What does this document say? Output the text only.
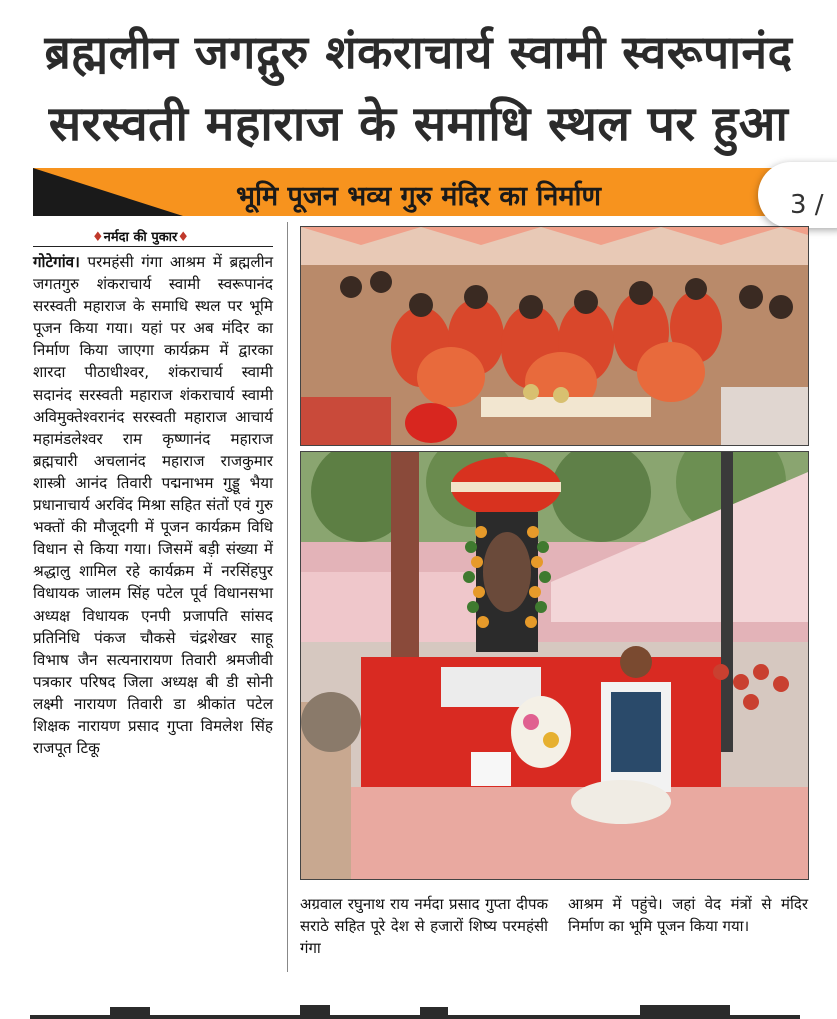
ब्रह्मलीन जगद्गुरु शंकराचार्य स्वामी स्वरूपानंद
सरस्वती महाराज के समाधि स्थल पर हुआ
भूमि पूजन भव्य गुरु मंदिर का निर्माण	3 /
♦नर्मदा की पुकार♦
गोटेगांव। परमहंसी गंगा आश्रम में ब्रह्मलीन जगतगुरु शंकराचार्य स्वामी स्वरूपानंद सरस्वती महाराज के समाधि स्थल पर भूमि पूजन किया गया। यहां पर अब मंदिर का निर्माण किया जाएगा कार्यक्रम में द्वारका शारदा पीठाधीश्वर, शंकराचार्य स्वामी सदानंद सरस्वती महाराज शंकराचार्य स्वामी अविमुक्तेश्वरानंद सरस्वती महाराज आचार्य महामंडलेश्वर राम कृष्णानंद महाराज ब्रह्मचारी अचलानंद महाराज राजकुमार शास्त्री आनंद तिवारी पद्मनाभम गुड्डू भैया प्रधानाचार्य अरविंद मिश्रा सहित संतों एवं गुरु भक्तों की मौजूदगी में पूजन कार्यक्रम विधि विधान से किया गया। जिसमें बड़ी संख्या में श्रद्धालु शामिल रहे कार्यक्रम में नरसिंहपुर विधायक जालम सिंह पटेल पूर्व विधानसभा अध्यक्ष विधायक एनपी प्रजापति सांसद प्रतिनिधि पंकज चौकसे चंद्रशेखर साहू विभाष जैन सत्यनारायण तिवारी श्रमजीवी पत्रकार परिषद जिला अध्यक्ष बी डी सोनी लक्ष्मी नारायण तिवारी डा श्रीकांत पटेल शिक्षक नारायण प्रसाद गुप्ता विमलेश सिंह राजपूत टिकू
अग्रवाल रघुनाथ राय नर्मदा प्रसाद गुप्ता दीपक सराठे सहित पूरे देश से हजारों शिष्य परमहंसी गंगा
आश्रम में पहुंचे। जहां वेद मंत्रों से मंदिर निर्माण का भूमि पूजन किया गया।
